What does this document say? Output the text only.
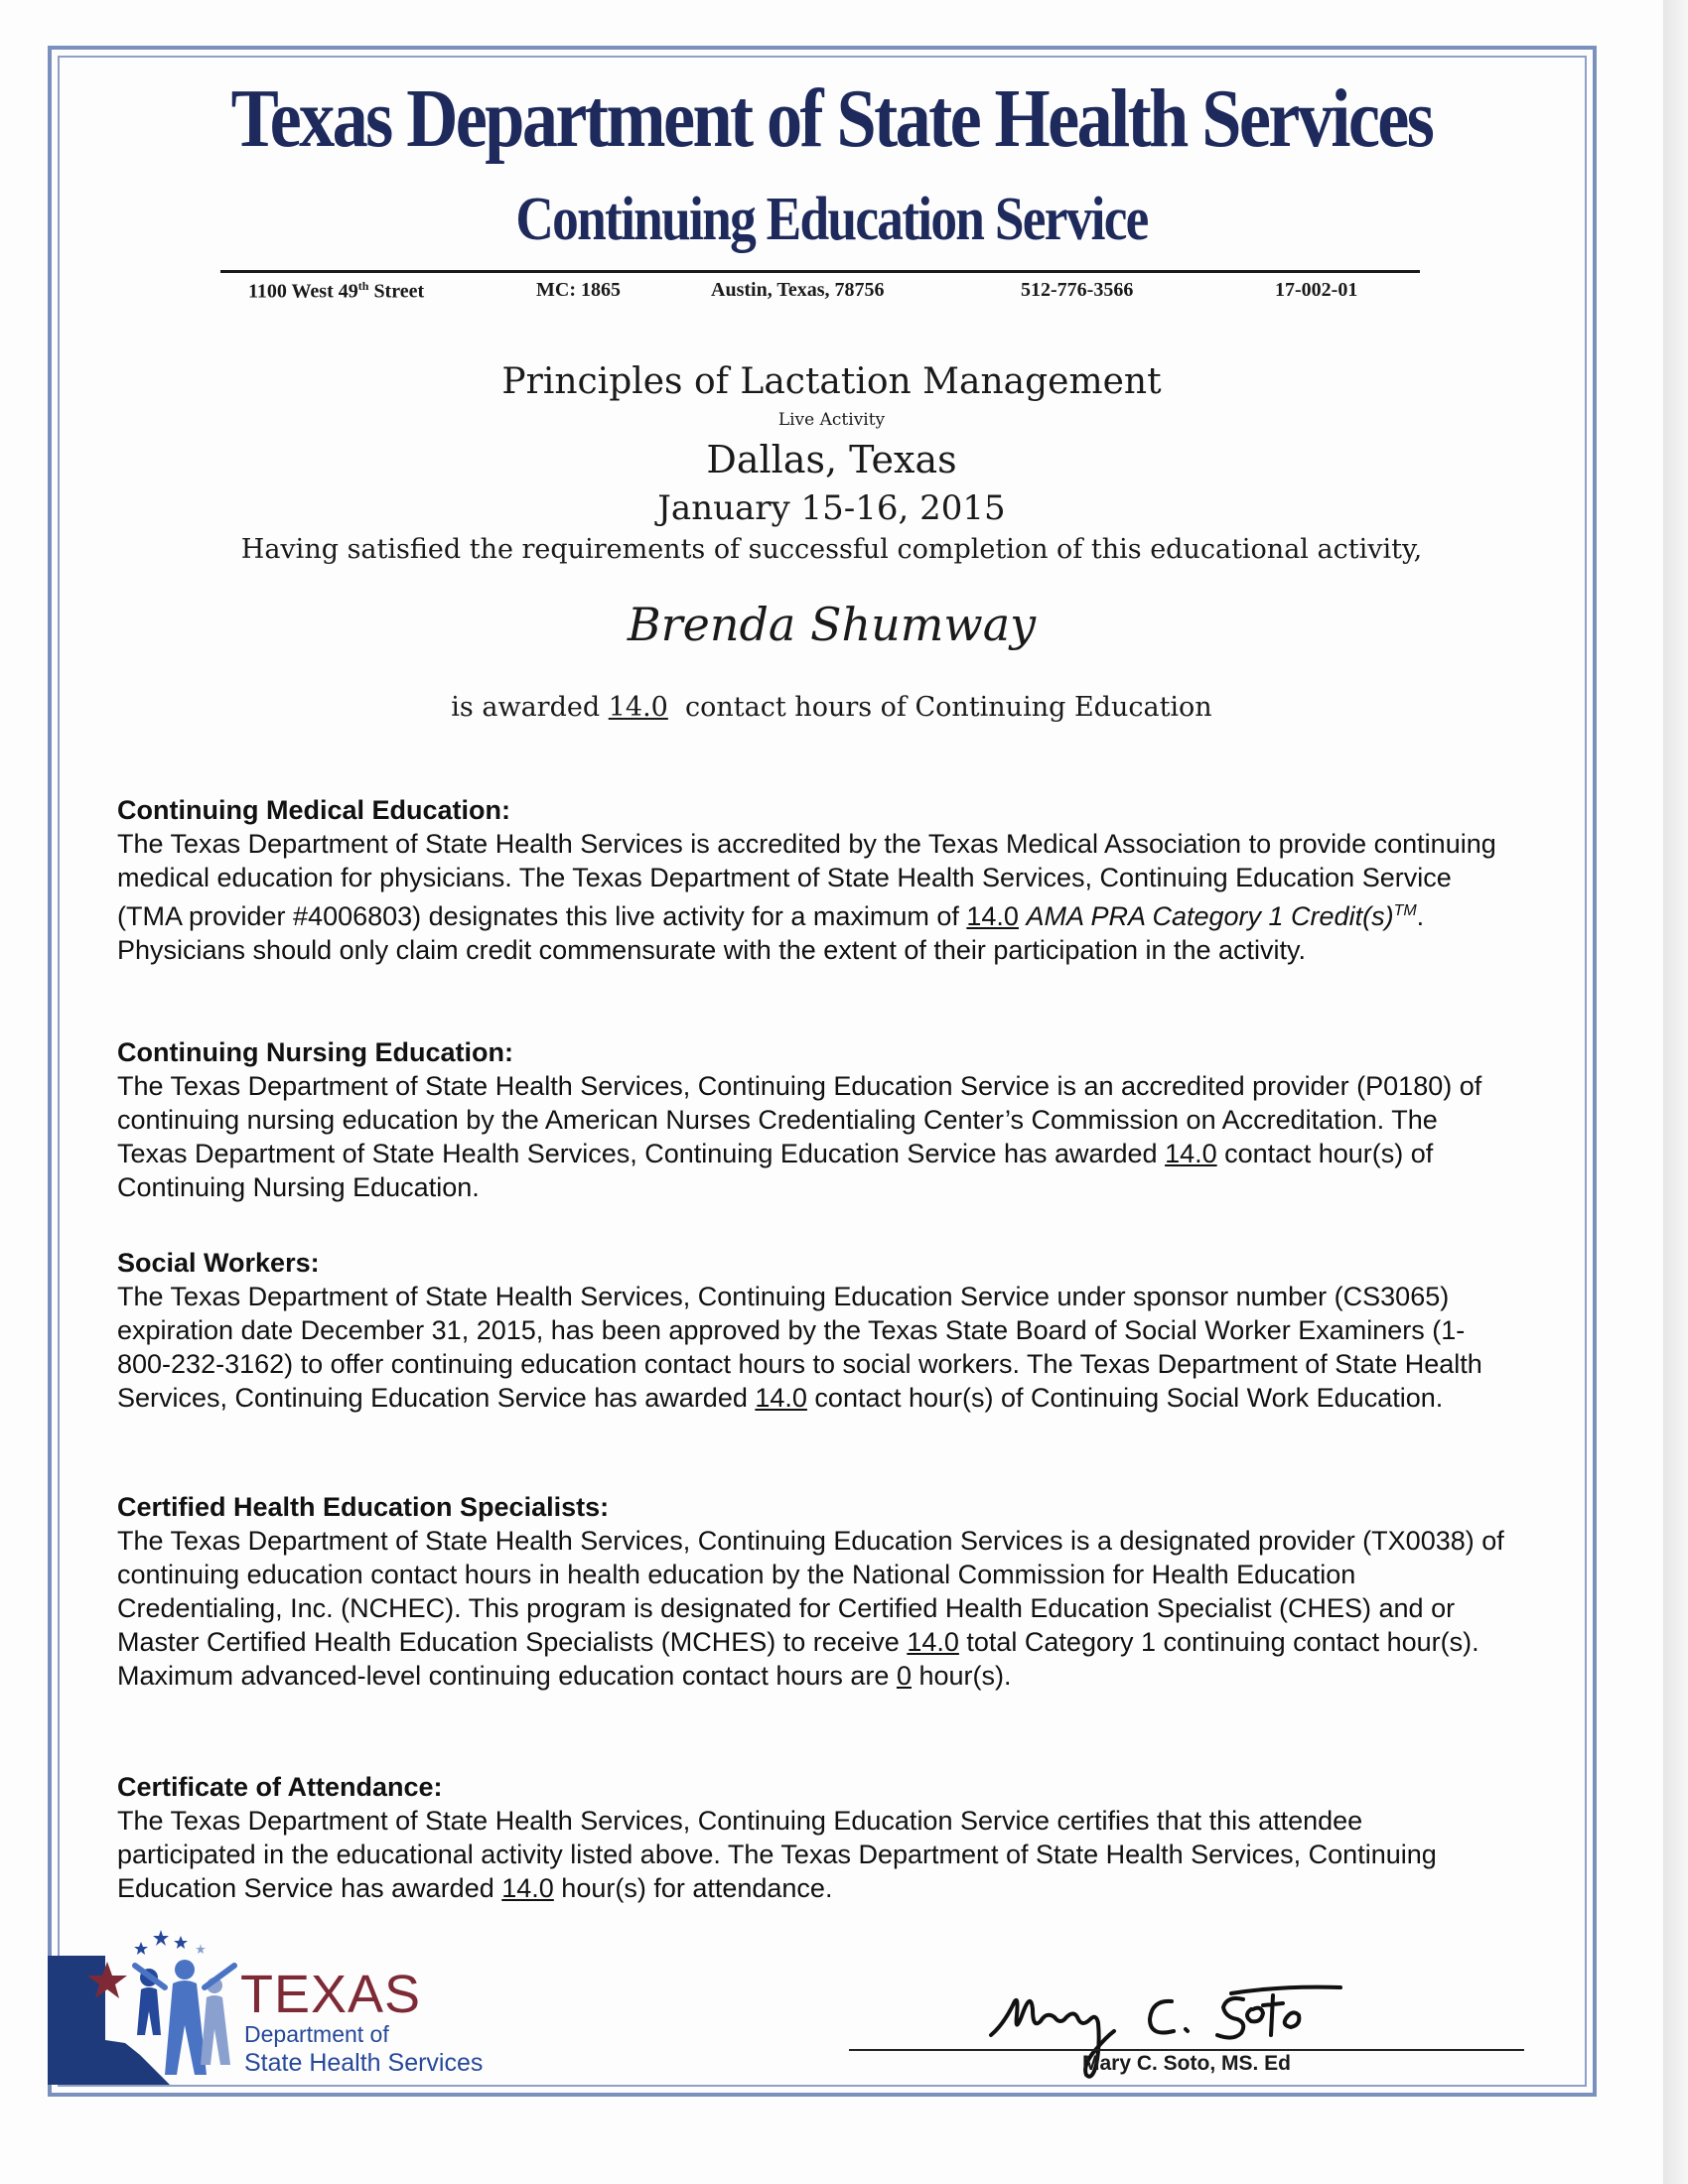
Texas Department of State Health Services
Continuing Education Service
1100 West 49th Street	MC: 1865	Austin, Texas, 78756	512-776-3566	17-002-01
Principles of Lactation Management
Live Activity
Dallas, Texas
January 15-16, 2015
Having satisfied the requirements of successful completion of this educational activity,
Brenda Shumway
is awarded 14.0 contact hours of Continuing Education
Continuing Medical Education:

The Texas Department of State Health Services is accredited by the Texas Medical Association to provide continuing medical education for physicians. The Texas Department of State Health Services, Continuing Education Service (TMA provider #4006803) designates this live activity for a maximum of 14.0 AMA PRA Category 1 Credit(s)™. Physicians should only claim credit commensurate with the extent of their participation in the activity.

Continuing Nursing Education:

The Texas Department of State Health Services, Continuing Education Service is an accredited provider (P0180) of continuing nursing education by the American Nurses Credentialing Center’s Commission on Accreditation. The Texas Department of State Health Services, Continuing Education Service has awarded 14.0 contact hour(s) of Continuing Nursing Education.

Social Workers:

The Texas Department of State Health Services, Continuing Education Service under sponsor number (CS3065) expiration date December 31, 2015, has been approved by the Texas State Board of Social Worker Examiners (1-800-232-3162) to offer continuing education contact hours to social workers. The Texas Department of State Health Services, Continuing Education Service has awarded 14.0 contact hour(s) of Continuing Social Work Education.

Certified Health Education Specialists:

The Texas Department of State Health Services, Continuing Education Services is a designated provider (TX0038) of continuing education contact hours in health education by the National Commission for Health Education Credentialing, Inc. (NCHEC). This program is designated for Certified Health Education Specialist (CHES) and or Master Certified Health Education Specialists (MCHES) to receive 14.0 total Category 1 continuing contact hour(s). Maximum advanced-level continuing education contact hours are 0 hour(s).

Certificate of Attendance:

The Texas Department of State Health Services, Continuing Education Service certifies that this attendee participated in the educational activity listed above. The Texas Department of State Health Services, Continuing Education Service has awarded 14.0 hour(s) for attendance.

TEXAS
Department of
State Health Services	Mary C. Soto, MS. Ed
